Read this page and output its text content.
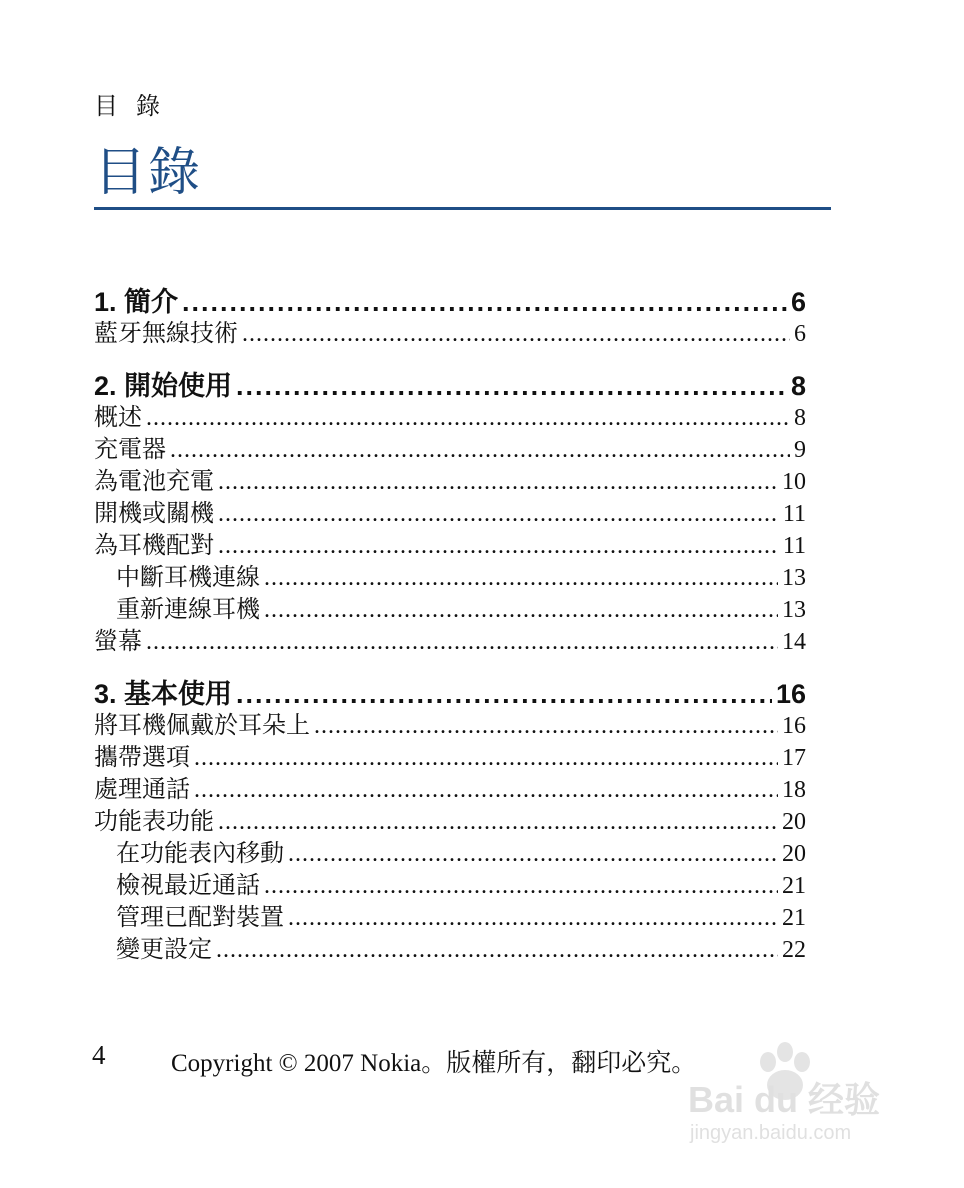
目 錄
目錄
1. 簡介 .....	6
藍牙無線技術 .....	6
2. 開始使用 .....	8
概述 .....	8
充電器 .....	9
為電池充電 .....	10
開機或關機 .....	11
為耳機配對 .....	11
中斷耳機連線 .....	13
重新連線耳機 .....	13
螢幕 .....	14
3. 基本使用 .....	16
將耳機佩戴於耳朵上 .....	16
攜帶選項 .....	17
處理通話 .....	18
功能表功能 .....	20
在功能表內移動 .....	20
檢視最近通話 .....	21
管理已配對裝置 .....	21
變更設定 .....	22
4	Copyright © 2007 Nokia。版權所有，翻印必究。
Bai du 经验
jingyan.baidu.com
